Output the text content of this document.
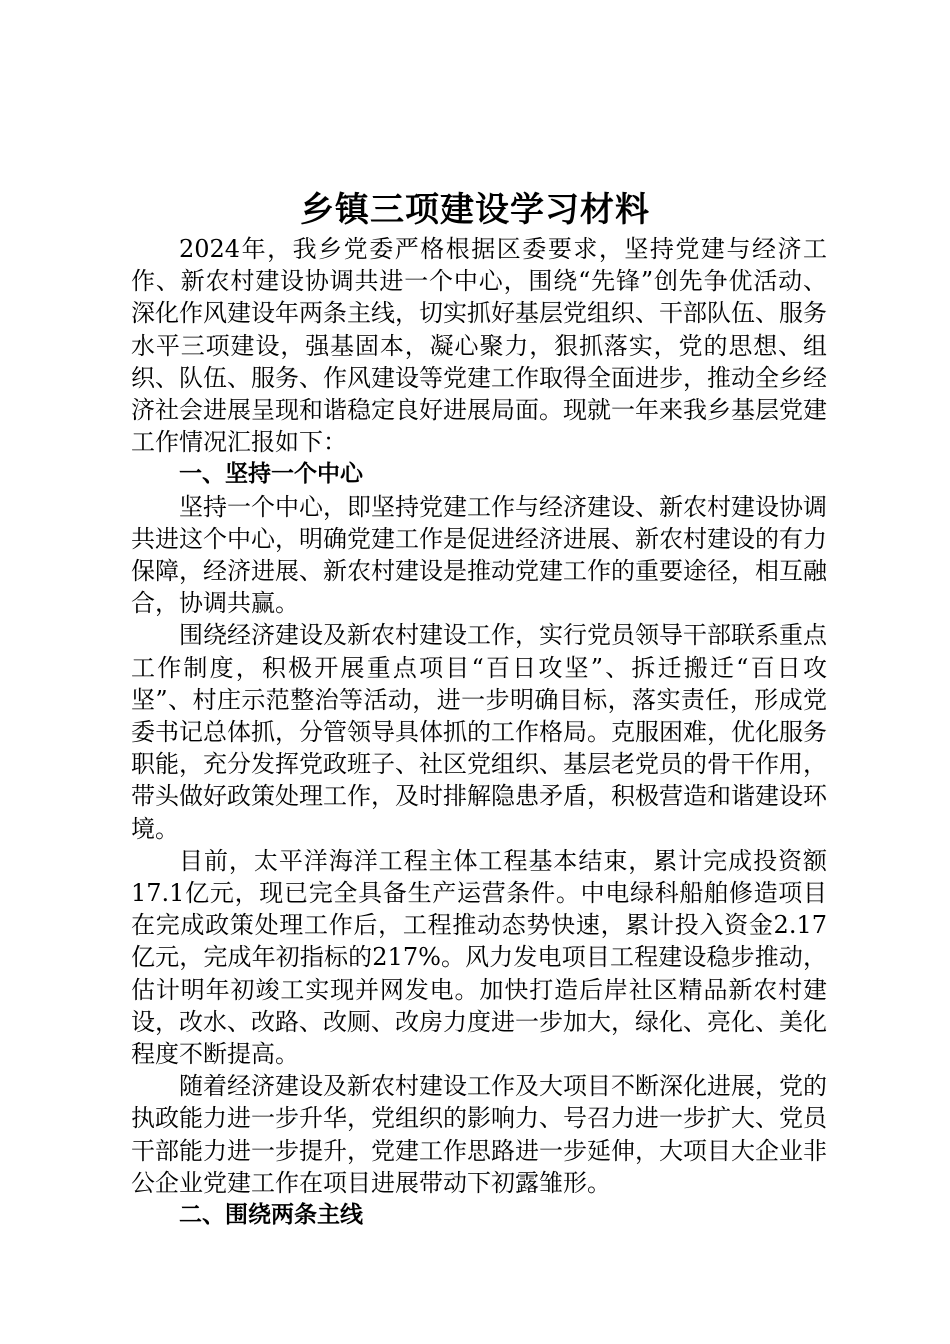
乡镇三项建设学习材料

2024年，我乡党委严格根据区委要求，坚持党建与经济工作、新农村建设协调共进一个中心，围绕“先锋”创先争优活动、深化作风建设年两条主线，切实抓好基层党组织、干部队伍、服务水平三项建设，强基固本，凝心聚力，狠抓落实，党的思想、组织、队伍、服务、作风建设等党建工作取得全面进步，推动全乡经济社会进展呈现和谐稳定良好进展局面。现就一年来我乡基层党建工作情况汇报如下：

一、坚持一个中心

坚持一个中心，即坚持党建工作与经济建设、新农村建设协调共进这个中心，明确党建工作是促进经济进展、新农村建设的有力保障，经济进展、新农村建设是推动党建工作的重要途径，相互融合，协调共赢。

围绕经济建设及新农村建设工作，实行党员领导干部联系重点工作制度，积极开展重点项目“百日攻坚”、拆迁搬迁“百日攻坚”、村庄示范整治等活动，进一步明确目标，落实责任，形成党委书记总体抓，分管领导具体抓的工作格局。克服困难，优化服务职能，充分发挥党政班子、社区党组织、基层老党员的骨干作用，带头做好政策处理工作，及时排解隐患矛盾，积极营造和谐建设环境。

目前，太平洋海洋工程主体工程基本结束，累计完成投资额17.1亿元，现已完全具备生产运营条件。中电绿科船舶修造项目在完成政策处理工作后，工程推动态势快速，累计投入资金2.17亿元，完成年初指标的217%。风力发电项目工程建设稳步推动，估计明年初竣工实现并网发电。加快打造后岸社区精品新农村建设，改水、改路、改厕、改房力度进一步加大，绿化、亮化、美化程度不断提高。

随着经济建设及新农村建设工作及大项目不断深化进展，党的执政能力进一步升华，党组织的影响力、号召力进一步扩大、党员干部能力进一步提升，党建工作思路进一步延伸，大项目大企业非公企业党建工作在项目进展带动下初露雏形。

二、围绕两条主线
